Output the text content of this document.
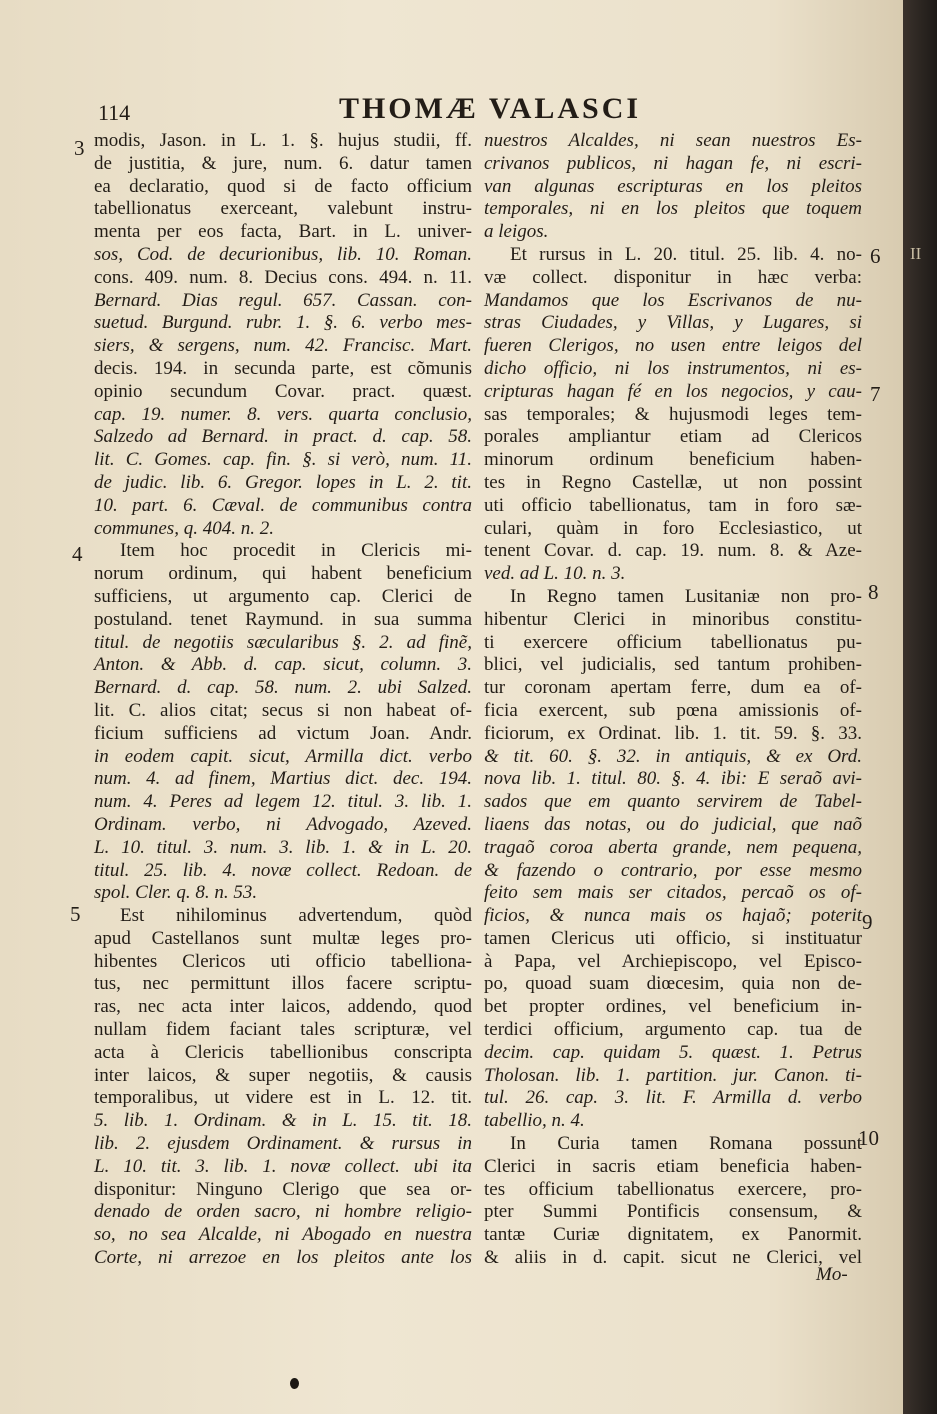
114	THOMÆ VALASCI
modis, Jason. in L. 1. §. hujus studii, ff.
de justitia, & jure, num. 6. datur tamen
ea declaratio, quod si de facto officium
tabellionatus exerceant, valebunt instru-
menta per eos facta, Bart. in L. univer-
sos, Cod. de decurionibus, lib. 10. Roman.
cons. 409. num. 8. Decius cons. 494. n. 11.
Bernard. Dias regul. 657. Cassan. con-
suetud. Burgund. rubr. 1. §. 6. verbo mes-
siers, & sergens, num. 42. Francisc. Mart.
decis. 194. in secunda parte, est cõmunis
opinio secundum Covar. pract. quæst.
cap. 19. numer. 8. vers. quarta conclusio,
Salzedo ad Bernard. in pract. d. cap. 58.
lit. C. Gomes. cap. fin. §. si verò, num. 11.
de judic. lib. 6. Gregor. lopes in L. 2. tit.
10. part. 6. Cæval. de communibus contra
communes, q. 404. n. 2.
Item hoc procedit in Clericis mi-
norum ordinum, qui habent beneficium
sufficiens, ut argumento cap. Clerici de
postuland. tenet Raymund. in sua summa
titul. de negotiis sæcularibus §. 2. ad finẽ,
Anton. & Abb. d. cap. sicut, column. 3.
Bernard. d. cap. 58. num. 2. ubi Salzed.
lit. C. alios citat; secus si non habeat of-
ficium sufficiens ad victum Joan. Andr.
in eodem capit. sicut, Armilla dict. verbo
num. 4. ad finem, Martius dict. dec. 194.
num. 4. Peres ad legem 12. titul. 3. lib. 1.
Ordinam. verbo, ni Advogado, Azeved.
L. 10. titul. 3. num. 3. lib. 1. & in L. 20.
titul. 25. lib. 4. novæ collect. Redoan. de
spol. Cler. q. 8. n. 53.
Est nihilominus advertendum, quòd
apud Castellanos sunt multæ leges pro-
hibentes Clericos uti officio tabelliona-
tus, nec permittunt illos facere scriptu-
ras, nec acta inter laicos, addendo, quod
nullam fidem faciant tales scripturæ, vel
acta à Clericis tabellionibus conscripta
inter laicos, & super negotiis, & causis
temporalibus, ut videre est in L. 12. tit.
5. lib. 1. Ordinam. & in L. 15. tit. 18.
lib. 2. ejusdem Ordinament. & rursus in
L. 10. tit. 3. lib. 1. novæ collect. ubi ita
disponitur: Ninguno Clerigo que sea or-
denado de orden sacro, ni hombre religio-
so, no sea Alcalde, ni Abogado en nuestra
Corte, ni arrezoe en los pleitos ante los
nuestros Alcaldes, ni sean nuestros Es-
crivanos publicos, ni hagan fe, ni escri-
van algunas escripturas en los pleitos
temporales, ni en los pleitos que toquem
a leigos.
Et rursus in L. 20. titul. 25. lib. 4. no-
væ collect. disponitur in hæc verba:
Mandamos que los Escrivanos de nu-
stras Ciudades, y Villas, y Lugares, si
fueren Clerigos, no usen entre leigos del
dicho officio, ni los instrumentos, ni es-
cripturas hagan fé en los negocios, y cau-
sas temporales; & hujusmodi leges tem-
porales ampliantur etiam ad Clericos
minorum ordinum beneficium haben-
tes in Regno Castellæ, ut non possint
uti officio tabellionatus, tam in foro sæ-
culari, quàm in foro Ecclesiastico, ut
tenent Covar. d. cap. 19. num. 8. & Aze-
ved. ad L. 10. n. 3.
In Regno tamen Lusitaniæ non pro-
hibentur Clerici in minoribus constitu-
ti exercere officium tabellionatus pu-
blici, vel judicialis, sed tantum prohiben-
tur coronam apertam ferre, dum ea of-
ficia exercent, sub pœna amissionis of-
ficiorum, ex Ordinat. lib. 1. tit. 59. §. 33.
& tit. 60. §. 32. in antiquis, & ex Ord.
nova lib. 1. titul. 80. §. 4. ibi: E seraõ avi-
sados que em quanto servirem de Tabel-
liaens das notas, ou do judicial, que naõ
tragaõ coroa aberta grande, nem pequena,
& fazendo o contrario, por esse mesmo
feito sem mais ser citados, percaõ os of-
ficios, & nunca mais os hajaõ; poterit
tamen Clericus uti officio, si instituatur
à Papa, vel Archiepiscopo, vel Episco-
po, quoad suam diœcesim, quia non de-
bet propter ordines, vel beneficium in-
terdici officium, argumento cap. tua de
decim. cap. quidam 5. quæst. 1. Petrus
Tholosan. lib. 1. partition. jur. Canon. ti-
tul. 26. cap. 3. lit. F. Armilla d. verbo
tabellio, n. 4.
In Curia tamen Romana possunt
Clerici in sacris etiam beneficia haben-
tes officium tabellionatus exercere, pro-
pter Summi Pontificis consensum, &
tantæ Curiæ dignitatem, ex Panormit.
& aliis in d. capit. sicut ne Clerici, vel
3
4
5
6
7
8
9
10
Mo-
II
